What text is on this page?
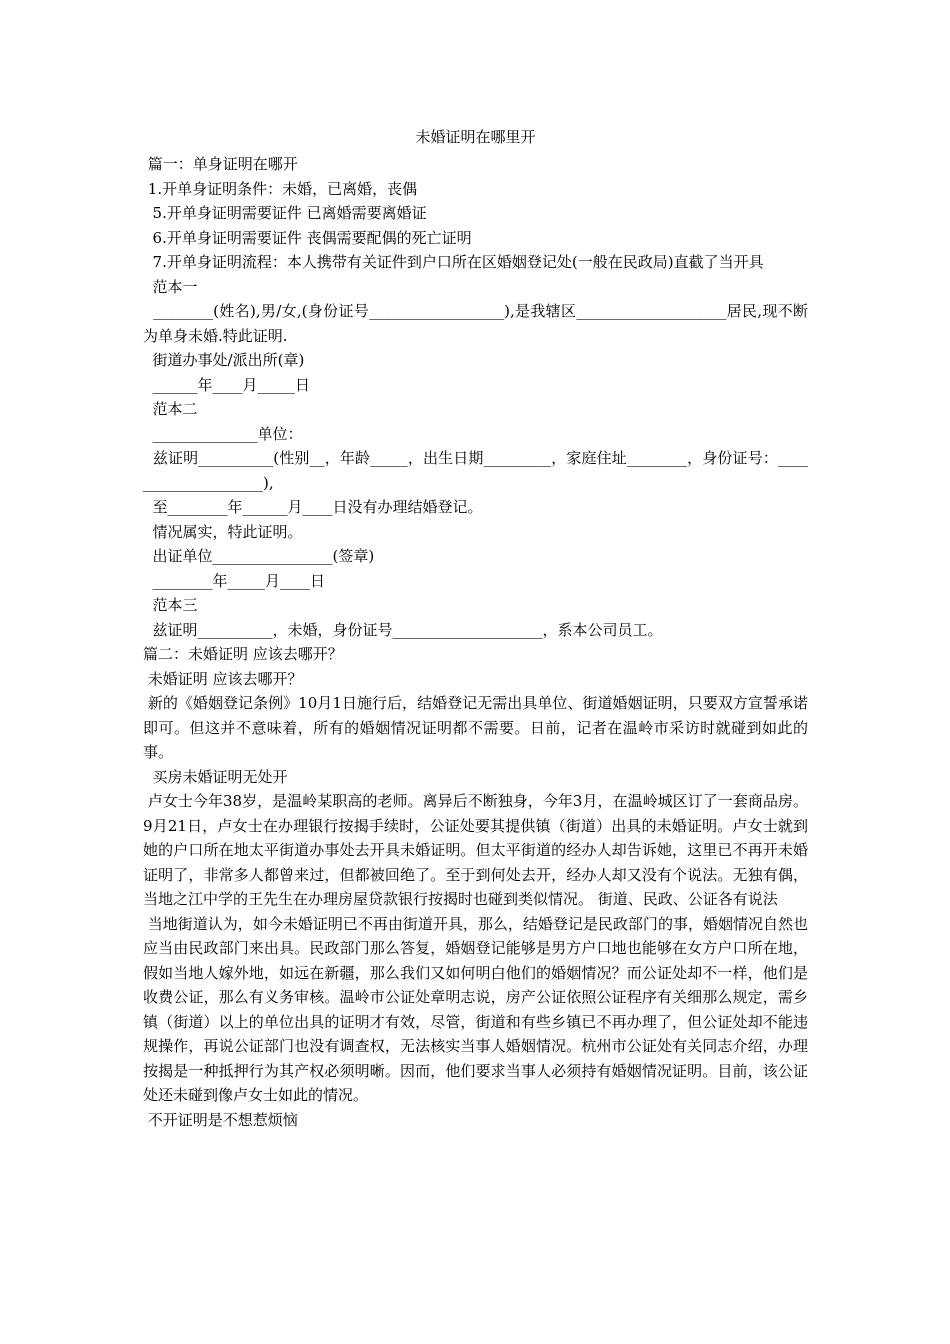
未婚证明在哪里开

篇一：单身证明在哪开

1.开单身证明条件：未婚，已离婚，丧偶

5.开单身证明需要证件 已离婚需要离婚证

6.开单身证明需要证件 丧偶需要配偶的死亡证明

7.开单身证明流程：本人携带有关证件到户口所在区婚姻登记处(一般在民政局)直截了当开具

范本一

________(姓名),男/女,(身份证号__________________),是我辖区____________________居民,现不断为单身未婚.特此证明.

街道办事处/派出所(章)

______年____月_____日

范本二

______________单位：

兹证明__________(性别__，年龄_____，出生日期_________，家庭住址________，身份证号：____________________),

至________年______月____日没有办理结婚登记。

情况属实，特此证明。

出证单位________________(签章)

________年_____月____日

范本三

兹证明__________，未婚，身份证号____________________，系本公司员工。

篇二：未婚证明 应该去哪开？

未婚证明 应该去哪开？

新的《婚姻登记条例》10月1日施行后，结婚登记无需出具单位、街道婚姻证明，只要双方宣誓承诺即可。但这并不意味着，所有的婚姻情况证明都不需要。日前，记者在温岭市采访时就碰到如此的事。

买房未婚证明无处开

卢女士今年38岁，是温岭某职高的老师。离异后不断独身，今年3月，在温岭城区订了一套商品房。9月21日，卢女士在办理银行按揭手续时，公证处要其提供镇（街道）出具的未婚证明。卢女士就到她的户口所在地太平街道办事处去开具未婚证明。但太平街道的经办人却告诉她，这里已不再开未婚证明了，非常多人都曾来过，但都被回绝了。至于到何处去开，经办人却又没有个说法。无独有偶，当地之江中学的王先生在办理房屋贷款银行按揭时也碰到类似情况。 街道、民政、公证各有说法

当地街道认为，如今未婚证明已不再由街道开具，那么，结婚登记是民政部门的事，婚姻情况自然也应当由民政部门来出具。民政部门那么答复，婚姻登记能够是男方户口地也能够在女方户口所在地，假如当地人嫁外地，如远在新疆，那么我们又如何明白他们的婚姻情况？而公证处却不一样，他们是收费公证，那么有义务审核。温岭市公证处章明志说，房产公证依照公证程序有关细那么规定，需乡镇（街道）以上的单位出具的证明才有效，尽管，街道和有些乡镇已不再办理了，但公证处却不能违规操作，再说公证部门也没有调查权，无法核实当事人婚姻情况。杭州市公证处有关同志介绍，办理按揭是一种抵押行为其产权必须明晰。因而，他们要求当事人必须持有婚姻情况证明。目前，该公证处还未碰到像卢女士如此的情况。

不开证明是不想惹烦恼
